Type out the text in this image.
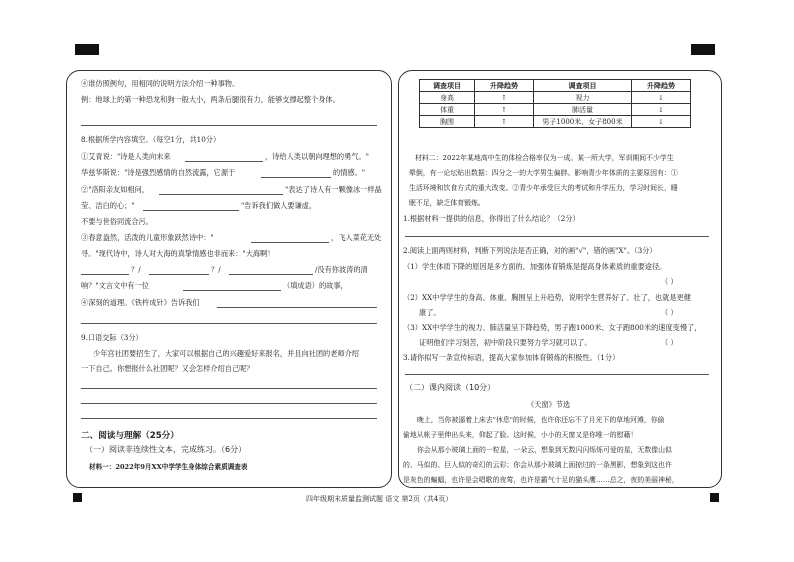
④谁仿照例句，用相同的说明方法介绍一种事物。
例：地球上的第一种恐龙和狗一般大小，两条后腿很有力，能够支撑起整个身体。
8.根据所学内容填空。（每空1分，共10分）
①艾青说："诗是人类向未来	，诗给人类以朝向理想的勇气。"
华兹华斯说："诗是强烈感情的自然流露，它源于	的情感。"
②"洛阳亲友如相问，	"表达了诗人有一颗像冰一样晶
莹、洁白的心；"	"告诉我们做人要谦虚，
不要与世俗同流合污。
③春意盎然，活泼的儿童形象跃然诗中："	，飞入菜花无处
寻。"现代诗中，诗人对大海的真挚情感也非而来："大海啊！
？/	？/	/没有你波涛的清
响？"文言文中有一位	（填成语）的故事，
④深刻的道理。《铁杵成针》告诉我们
9.口语交际（3分）
少年宫社团要招生了，大家可以根据自己的兴趣爱好来报名，并且向社团的老师介绍
一下自己。你想报什么社团呢？又会怎样介绍自己呢？
二、阅读与理解（25分）
（一）阅读非连续性文本，完成练习。（6分）
材料一：2022年9月XX中学学生身体综合素质调查表
调查项目	升降趋势	调查项目	升降趋势
身高	↑	视力	↓
体重	↑	肺活量	↓
胸围	↑	男子1000米、女子800米	↓
材料二：2022年某地高中生的体检合格率仅为一成。某一所大学，军训期间不少学生
晕倒，有一论坛贴出数据：四分之一的大学男生偏胖。影响青少年体质的主要原因有：①
生活环境和饮食方式的重大改变。②青少年承受巨大的考试和升学压力，学习时间长，睡
眠不足，缺乏体育锻炼。
1.根据材料一提供的信息，你得出了什么结论？（2分）
2.阅读上面两则材料，判断下列说法是否正确，对的画"√"，错的画"X"。（3分）
（1）学生体质下降的原因是多方面的，加强体育锻炼是提高身体素质的重要途径。
（ ）
（2）XX中学学生的身高、体重、胸围呈上升趋势，说明学生营养好了、壮了，也就是更健
康了。	（ ）
（3）XX中学学生的视力、肺活量呈下降趋势，男子跑1000米、女子跑800米的速度变慢了，
证明他们学习刻苦，初中阶段只要努力学习就可以了。	（ ）
3.请你拟写一条宣传标语，提高大家参加体育锻炼的积极性。（1分）
（二）课内阅读（10分）
《天窗》节选
晚上，当你被逼着上床去"休息"的时候，也许你还忘不了月光下的草地河滩，你偷
偷地从帐子里伸出头来，仰起了脸。这时候，小小的天窗又是你唯一的慰藉！
你会从那小玻璃上面的一粒星，一朵云，想象到无数闪闪烁烁可爱的星，无数像山似
的、马似的、巨人似的奇幻的云彩；你会从那小玻璃上面掠过的一条黑影，想象到这也许
是灰色的蝙蝠，也许是会唱歌的夜莺，也许是霸气十足的猫头鹰……总之，夜的美丽神秘，
四年级期末质量监测试题 语文 第2页（共4页）
